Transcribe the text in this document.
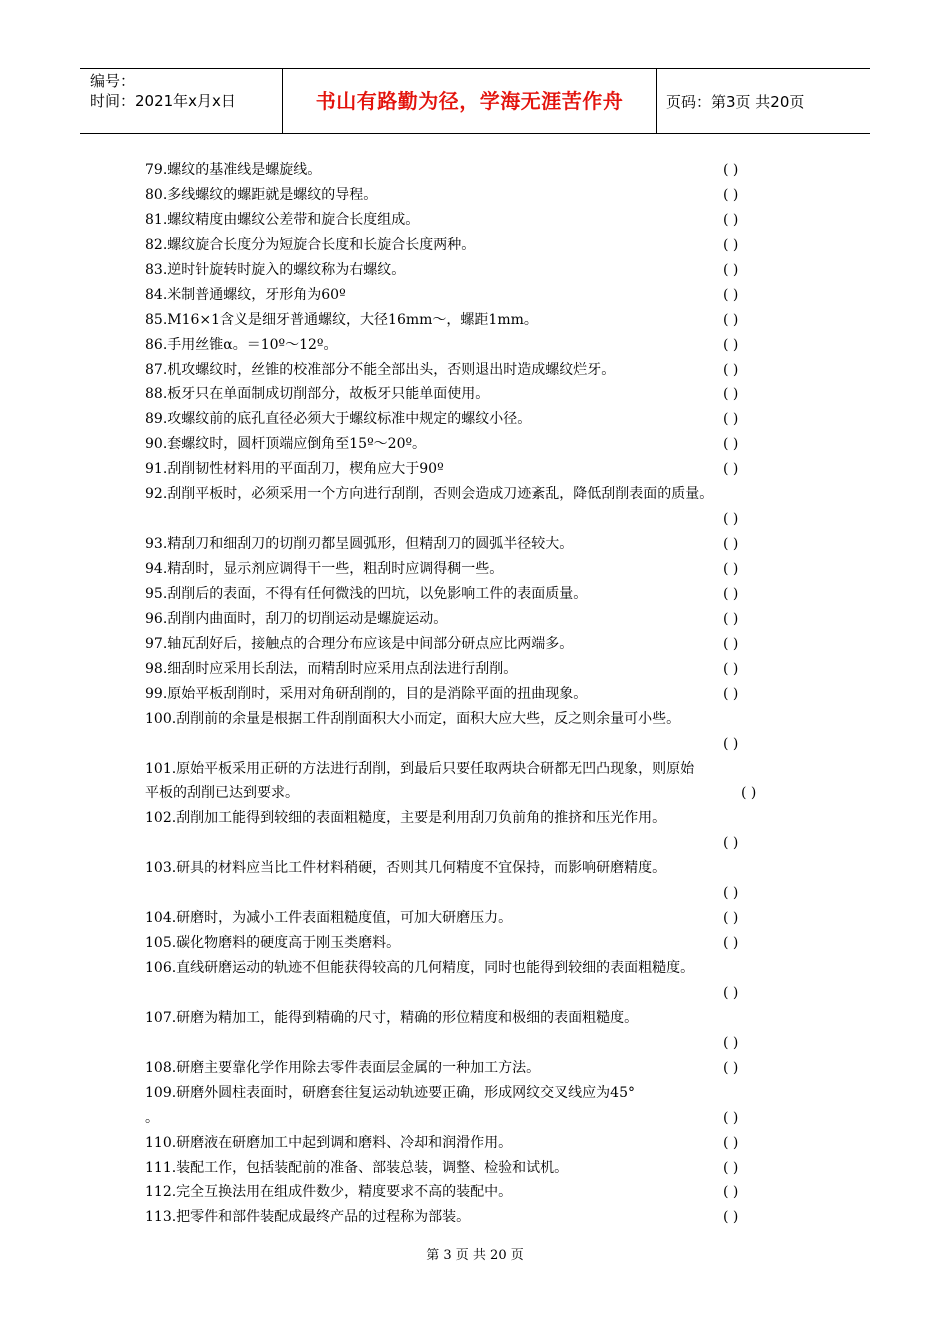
编号：
时间：2021年x月x日	书山有路勤为径，学海无涯苦作舟	页码：第3页 共20页
79.螺纹的基准线是螺旋线。	( )
80.多线螺纹的螺距就是螺纹的导程。	( )
81.螺纹精度由螺纹公差带和旋合长度组成。	( )
82.螺纹旋合长度分为短旋合长度和长旋合长度两种。	( )
83.逆时针旋转时旋入的螺纹称为右螺纹。	( )
84.米制普通螺纹，牙形角为60º	( )
85.M16×1含义是细牙普通螺纹，大径16mm～，螺距1mm。	( )
86.手用丝锥α。＝10º～12º。	( )
87.机攻螺纹时，丝锥的校准部分不能全部出头，否则退出时造成螺纹烂牙。	( )
88.板牙只在单面制成切削部分，故板牙只能单面使用。	( )
89.攻螺纹前的底孔直径必须大于螺纹标准中规定的螺纹小径。	( )
90.套螺纹时，圆杆顶端应倒角至15º～20º。	( )
91.刮削韧性材料用的平面刮刀，楔角应大于90º	( )
92.刮削平板时，必须采用一个方向进行刮削，否则会造成刀迹紊乱，降低刮削表面的质量。
( )
93.精刮刀和细刮刀的切削刃都呈圆弧形，但精刮刀的圆弧半径较大。	( )
94.精刮时，显示剂应调得干一些，粗刮时应调得稠一些。	( )
95.刮削后的表面，不得有任何微浅的凹坑，以免影响工件的表面质量。	( )
96.刮削内曲面时，刮刀的切削运动是螺旋运动。	( )
97.轴瓦刮好后，接触点的合理分布应该是中间部分研点应比两端多。	( )
98.细刮时应采用长刮法，而精刮时应采用点刮法进行刮削。	( )
99.原始平板刮削时，采用对角研刮削的，目的是消除平面的扭曲现象。	( )
100.刮削前的余量是根据工件刮削面积大小而定，面积大应大些，反之则余量可小些。
( )
101.原始平板采用正研的方法进行刮削，到最后只要任取两块合研都无凹凸现象，则原始
平板的刮削已达到要求。	( )
102.刮削加工能得到较细的表面粗糙度，主要是利用刮刀负前角的推挤和压光作用。
( )
103.研具的材料应当比工件材料稍硬，否则其几何精度不宜保持，而影响研磨精度。
( )
104.研磨时，为减小工件表面粗糙度值，可加大研磨压力。	( )
105.碳化物磨料的硬度高于刚玉类磨料。	( )
106.直线研磨运动的轨迹不但能获得较高的几何精度，同时也能得到较细的表面粗糙度。
( )
107.研磨为精加工，能得到精确的尺寸，精确的形位精度和极细的表面粗糙度。
( )
108.研磨主要靠化学作用除去零件表面层金属的一种加工方法。	( )
109.研磨外圆柱表面时，研磨套往复运动轨迹要正确，形成网纹交叉线应为45°
。	( )
110.研磨液在研磨加工中起到调和磨料、冷却和润滑作用。	( )
111.装配工作，包括装配前的准备、部装总装，调整、检验和试机。	( )
112.完全互换法用在组成件数少，精度要求不高的装配中。	( )
113.把零件和部件装配成最终产品的过程称为部装。	( )
第 3 页 共 20 页
